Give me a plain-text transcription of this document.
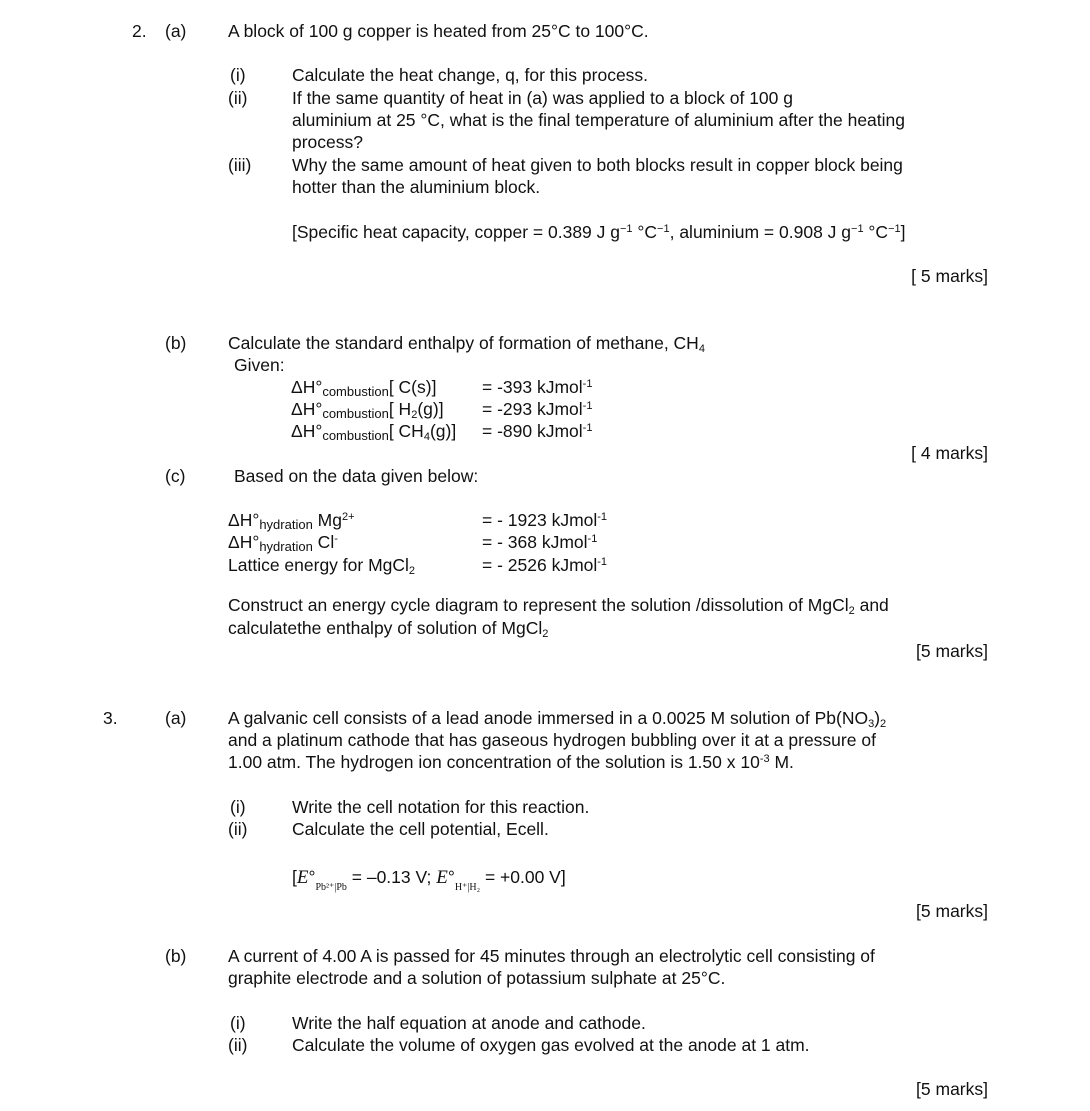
2. (a) A block of 100 g copper is heated from 25°C to 100°C.
(i)	Calculate the heat change, q, for this process.
(ii)	If the same quantity of heat in (a) was applied to a block of 100 g
aluminium at 25 °C, what is the final temperature of aluminium after the heating
process?
(iii) Why the same amount of heat given to both blocks result in copper block being
hotter than the aluminium block.
[Specific heat capacity, copper = 0.389 J $g^{-1}$ $^\circ C^{-1}$, aluminium = 0.908 J $g^{-1}$ $^\circ C^{-1}$]
[ 5 marks]
(b) Calculate the standard enthalpy of formation of methane, $CH_4$
Given:
$\Delta H^\circ_{combustion}$[ C(s)]	= -393 kJmol$^{-1}$
$\Delta H^\circ_{combustion}$[ $H_2(g)] = -293$ kJmol$^{-1}$
$\Delta H^\circ_{combustion}$[ $CH_4(g)] = -890$ kJmol$^{-1}$
[ 4 marks]
(c)	Based on the data given below:
$\Delta H^\circ_{hydration}$ $Mg^{2+}$	= - 1923 kJmol$^{-1}$
$\Delta H^\circ_{hydration}$ Cl-	= - 368 kJmol$^{-1}$
Lattice energy for MgCl$_2$	= - 2526 kJmol$^{-1}$
Construct an energy cycle diagram to represent the solution /dissolution of MgCl$_2$ and
calculatethe enthalpy of solution of MgCl$_2$
[5 marks]
3.	(a) A galvanic cell consists of a lead anode immersed in a 0.0025 M solution of $Pb(NO_3)_2$
and a platinum cathode that has gaseous hydrogen bubbling over it at a pressure of
1.00 atm. The hydrogen ion concentration of the solution is 1.50 x $10^{-3}$ M.
(i)	Write the cell notation for this reaction.
(ii)	Calculate the cell potential, Ecell.
[$E^\circ_{Pb^{2+}|Pb} = -0.13$ V; $E^\circ_{H^+|H_2} = +0.00$ V]
[5 marks]
(b) A current of 4.00 A is passed for 45 minutes through an electrolytic cell consisting of
graphite electrode and a solution of potassium sulphate at 25°C.
(i)	Write the half equation at anode and cathode.
(ii)	Calculate the volume of oxygen gas evolved at the anode at 1 atm.
[5 marks]
